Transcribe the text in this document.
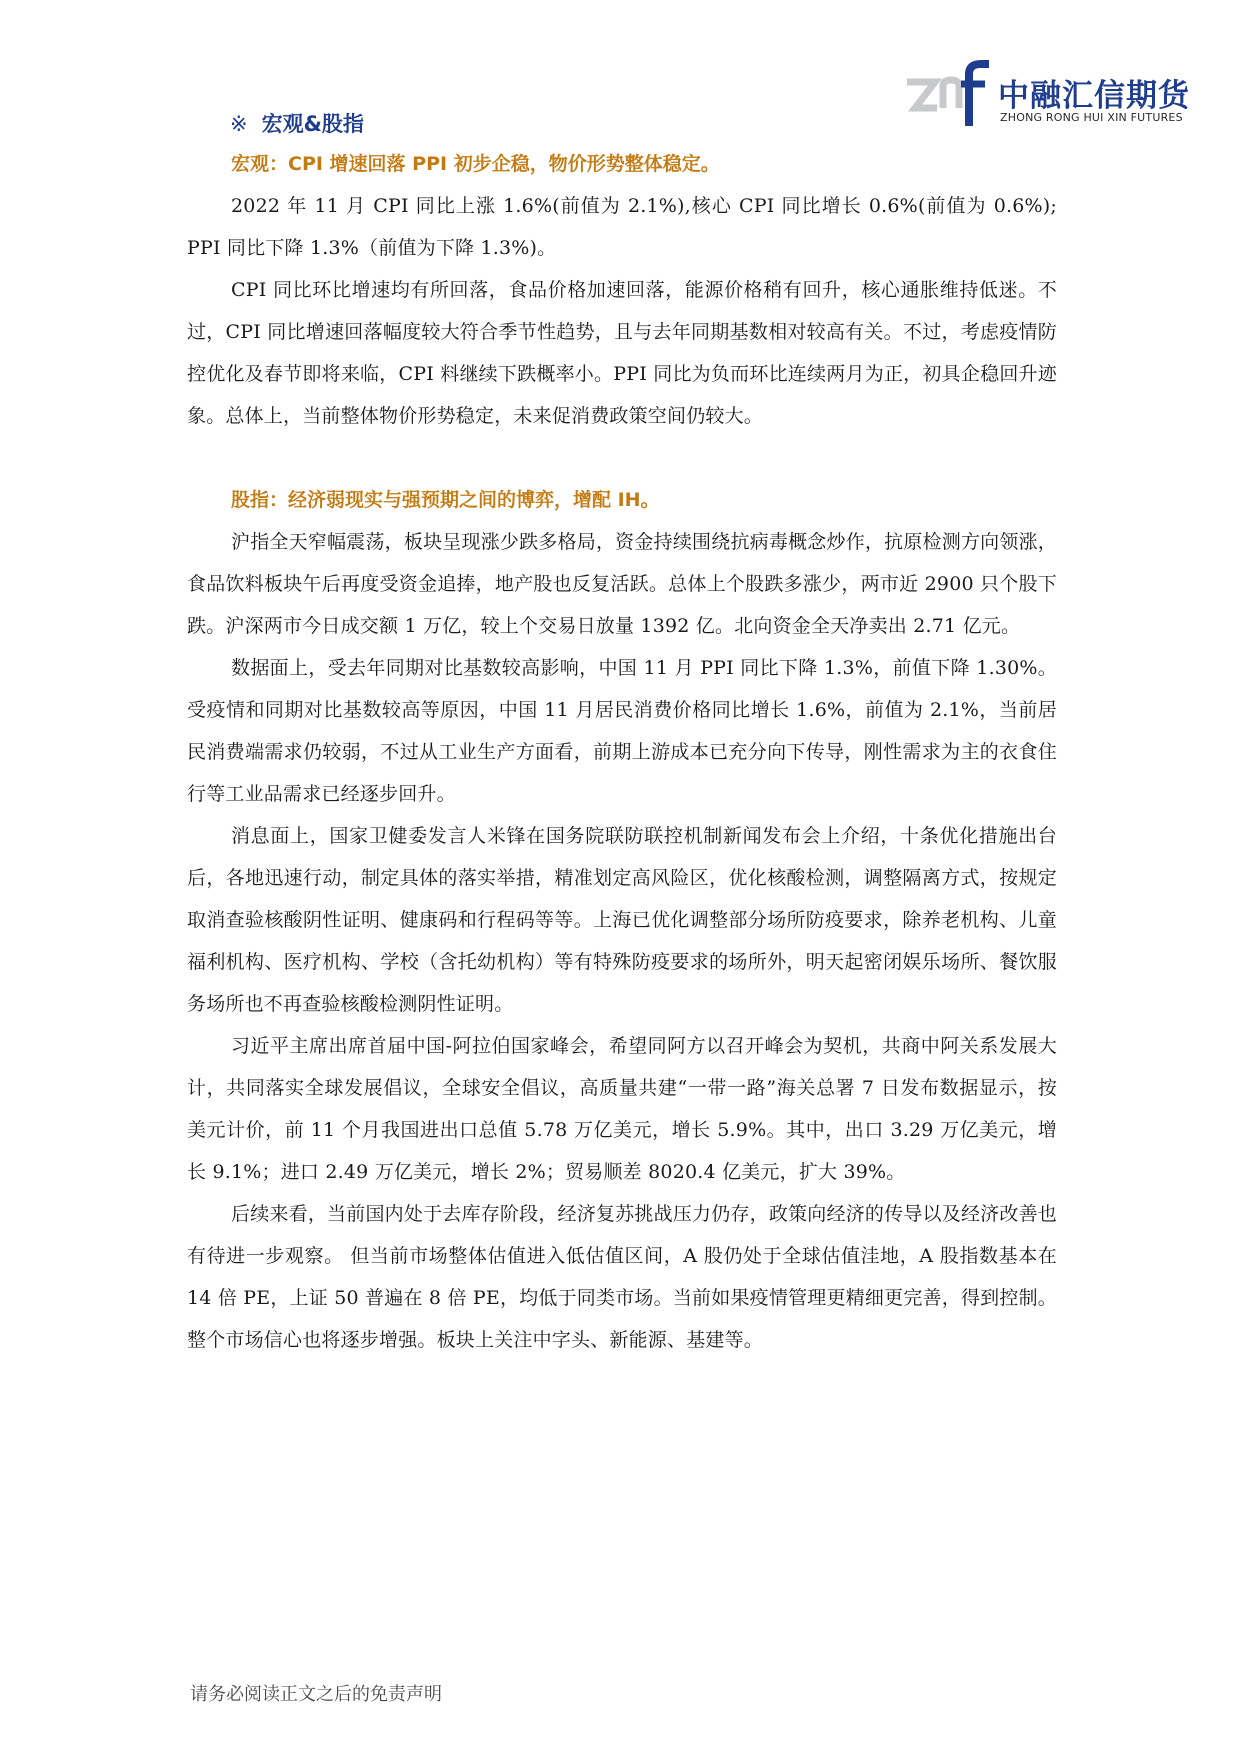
中融汇信期货
ZHONG RONG HUI XIN FUTURES
※ 宏观&股指

宏观：CPI 增速回落 PPI 初步企稳，物价形势整体稳定。

2022 年 11 月 CPI 同比上涨 1.6%(前值为 2.1%),核心 CPI 同比增长 0.6%(前值为 0.6%); PPI 同比下降 1.3%（前值为下降 1.3%)。

CPI 同比环比增速均有所回落，食品价格加速回落，能源价格稍有回升，核心通胀维持低迷。不过，CPI 同比增速回落幅度较大符合季节性趋势，且与去年同期基数相对较高有关。不过，考虑疫情防控优化及春节即将来临，CPI 料继续下跌概率小。PPI 同比为负而环比连续两月为正，初具企稳回升迹象。总体上，当前整体物价形势稳定，未来促消费政策空间仍较大。

股指：经济弱现实与强预期之间的博弈，增配 IH。

沪指全天窄幅震荡，板块呈现涨少跌多格局，资金持续围绕抗病毒概念炒作，抗原检测方向领涨，食品饮料板块午后再度受资金追捧，地产股也反复活跃。总体上个股跌多涨少，两市近 2900 只个股下跌。沪深两市今日成交额 1 万亿，较上个交易日放量 1392 亿。北向资金全天净卖出 2.71 亿元。

数据面上，受去年同期对比基数较高影响，中国 11 月 PPI 同比下降 1.3%，前值下降 1.30%。受疫情和同期对比基数较高等原因，中国 11 月居民消费价格同比增长 1.6%，前值为 2.1%，当前居民消费端需求仍较弱，不过从工业生产方面看，前期上游成本已充分向下传导，刚性需求为主的衣食住行等工业品需求已经逐步回升。

消息面上，国家卫健委发言人米锋在国务院联防联控机制新闻发布会上介绍，十条优化措施出台后，各地迅速行动，制定具体的落实举措，精准划定高风险区，优化核酸检测，调整隔离方式，按规定取消查验核酸阴性证明、健康码和行程码等等。上海已优化调整部分场所防疫要求，除养老机构、儿童福利机构、医疗机构、学校（含托幼机构）等有特殊防疫要求的场所外，明天起密闭娱乐场所、餐饮服务场所也不再查验核酸检测阴性证明。

习近平主席出席首届中国-阿拉伯国家峰会，希望同阿方以召开峰会为契机，共商中阿关系发展大计，共同落实全球发展倡议，全球安全倡议，高质量共建“一带一路”海关总署 7 日发布数据显示，按美元计价，前 11 个月我国进出口总值 5.78 万亿美元，增长 5.9%。其中，出口 3.29 万亿美元，增长 9.1%；进口 2.49 万亿美元，增长 2%；贸易顺差 8020.4 亿美元，扩大 39%。

后续来看，当前国内处于去库存阶段，经济复苏挑战压力仍存，政策向经济的传导以及经济改善也有待进一步观察。 但当前市场整体估值进入低估值区间，A 股仍处于全球估值洼地，A 股指数基本在 14 倍 PE，上证 50 普遍在 8 倍 PE，均低于同类市场。当前如果疫情管理更精细更完善，得到控制。整个市场信心也将逐步增强。板块上关注中字头、新能源、基建等。

请务必阅读正文之后的免责声明
